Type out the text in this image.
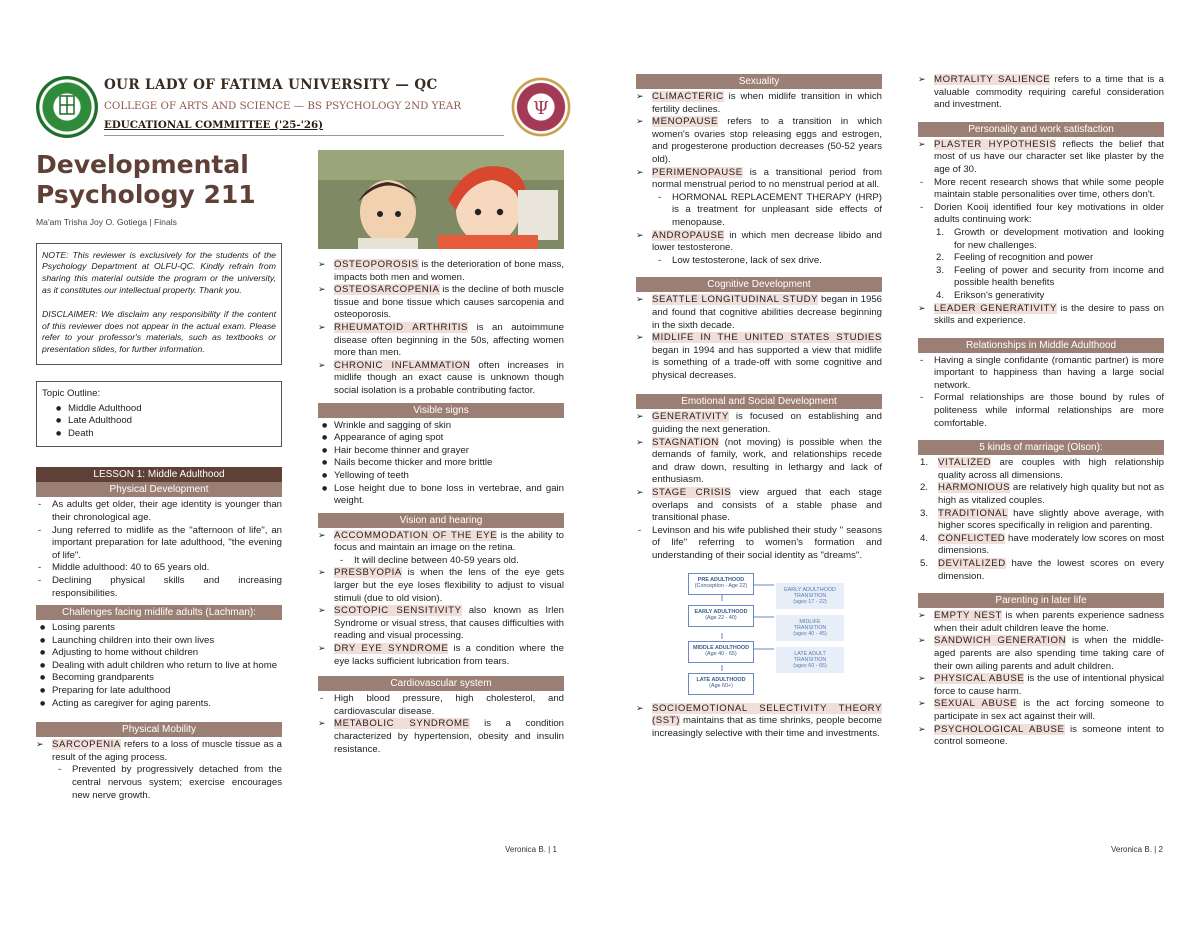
OUR LADY OF FATIMA UNIVERSITY — QC
COLLEGE OF ARTS AND SCIENCE — BS PSYCHOLOGY 2ND YEAR
EDUCATIONAL COMMITTEE ('25-'26)
Ψ
Developmental
Psychology 211
Ma'am Trisha Joy O. Gotiega | Finals
NOTE: This reviewer is exclusively for the students of the Psychology Department at OLFU-QC. Kindly refrain from sharing this material outside the program or the university, as it constitutes our intellectual property. Thank you.
DISCLAIMER: We disclaim any responsibility if the content of this reviewer does not appear in the actual exam. Please refer to your professor's materials, such as textbooks or presentation slides, for further information.
Topic Outline:
● Middle Adulthood
● Late Adulthood
● Death
LESSON 1: Middle Adulthood
Physical Development
- As adults get older, their age identity is younger than their chronological age.
- Jung referred to midlife as the "afternoon of life", an important preparation for late adulthood, "the evening of life".
- Middle adulthood: 40 to 65 years old.
- Declining physical skills and increasing responsibilities.
Challenges facing midlife adults (Lachman):
● Losing parents
● Launching children into their own lives
● Adjusting to home without children
● Dealing with adult children who return to live at home
● Becoming grandparents
● Preparing for late adulthood
● Acting as caregiver for aging parents.
Physical Mobility
➢ SARCOPENIA refers to a loss of muscle tissue as a result of the aging process.
- Prevented by progressively detached from the central nervous system; exercise encourages new nerve growth.
➢ OSTEOPOROSIS is the deterioration of bone mass, impacts both men and women.
➢ OSTEOSARCOPENIA is the decline of both muscle tissue and bone tissue which causes sarcopenia and osteoporosis.
➢ RHEUMATOID ARTHRITIS is an autoimmune disease often beginning in the 50s, affecting women more than men.
➢ CHRONIC INFLAMMATION often increases in midlife though an exact cause is unknown though social isolation is a probable contributing factor.
Visible signs
● Wrinkle and sagging of skin
● Appearance of aging spot
● Hair become thinner and grayer
● Nails become thicker and more brittle
● Yellowing of teeth
● Lose height due to bone loss in vertebrae, and gain weight.
Vision and hearing
➢ ACCOMMODATION OF THE EYE is the ability to focus and maintain an image on the retina.
- It will decline between 40-59 years old.
➢ PRESBYOPIA is when the lens of the eye gets larger but the eye loses flexibility to adjust to visual stimuli (due to old vision).
➢ SCOTOPIC SENSITIVITY also known as Irlen Syndrome or visual stress, that causes difficulties with reading and visual processing.
➢ DRY EYE SYNDROME is a condition where the eye lacks sufficient lubrication from tears.
Cardiovascular system
- High blood pressure, high cholesterol, and cardiovascular disease.
➢ METABOLIC SYNDROME is a condition characterized by hypertension, obesity and insulin resistance.
Veronica B. | 1
Sexuality
➢ CLIMACTERIC is when midlife transition in which fertility declines.
➢ MENOPAUSE refers to a transition in which women's ovaries stop releasing eggs and estrogen, and progesterone production decreases (50-52 years old).
➢ PERIMENOPAUSE is a transitional period from normal menstrual period to no menstrual period at all.
- HORMONAL REPLACEMENT THERAPY (HRP) is a treatment for unpleasant side effects of menopause.
➢ ANDROPAUSE in which men decrease libido and lower testosterone.
- Low testosterone, lack of sex drive.
Cognitive Development
➢ SEATTLE LONGITUDINAL STUDY began in 1956 and found that cognitive abilities decrease beginning in the sixth decade.
➢ MIDLIFE IN THE UNITED STATES STUDIES began in 1994 and has supported a view that midlife is something of a trade-off with some cognitive and physical decreases.
Emotional and Social Development
➢ GENERATIVITY is focused on establishing and guiding the next generation.
➢ STAGNATION (not moving) is possible when the demands of family, work, and relationships recede and draw down, resulting in lethargy and lack of enthusiasm.
➢ STAGE CRISIS view argued that each stage overlaps and consists of a stable phase and transitional phase.
- Levinson and his wife published their study " seasons of life" referring to women's formation and understanding of their social identity as "dreams".
PRE ADULTHOOD
(Conception - Age 22)
EARLY ADULTHOOD
(Age 22 - 40)
MIDDLE ADULTHOOD
(Age 40 - 65)
LATE ADULTHOOD
(Age 60+)
EARLY ADULTHOOD
TRANSITION
(ages 17 - 22)
MIDLIFE
TRANSITION
(ages 40 - 45)
LATE ADULT
TRANSITION
(ages 60 - 65)
➢ SOCIOEMOTIONAL SELECTIVITY THEORY (SST) maintains that as time shrinks, people become increasingly selective with their time and investments.
➢ MORTALITY SALIENCE refers to a time that is a valuable commodity requiring careful consideration and investment.
Personality and work satisfaction
➢ PLASTER HYPOTHESIS reflects the belief that most of us have our character set like plaster by the age of 30.
- More recent research shows that while some people maintain stable personalities over time, others don't.
- Dorien Kooij identified four key motivations in older adults continuing work:
1. Growth or development motivation and looking for new challenges.
2. Feeling of recognition and power
3. Feeling of power and security from income and possible health benefits
4. Erikson's generativity
➢ LEADER GENERATIVITY is the desire to pass on skills and experience.
Relationships in Middle Adulthood
- Having a single confidante (romantic partner) is more important to happiness than having a large social network.
- Formal relationships are those bound by rules of politeness while informal relationships are more comfortable.
5 kinds of marriage (Olson):
1. VITALIZED are couples with high relationship quality across all dimensions.
2. HARMONIOUS are relatively high quality but not as high as vitalized couples.
3. TRADITIONAL have slightly above average, with higher scores specifically in religion and parenting.
4. CONFLICTED have moderately low scores on most dimensions.
5. DEVITALIZED have the lowest scores on every dimension.
Parenting in later life
➢ EMPTY NEST is when parents experience sadness when their adult children leave the home.
➢ SANDWICH GENERATION is when the middle-aged parents are also spending time taking care of their own ailing parents and adult children.
➢ PHYSICAL ABUSE is the use of intentional physical force to cause harm.
➢ SEXUAL ABUSE is the act forcing someone to participate in sex act against their will.
➢ PSYCHOLOGICAL ABUSE is someone intent to control someone.
Veronica B. | 2
